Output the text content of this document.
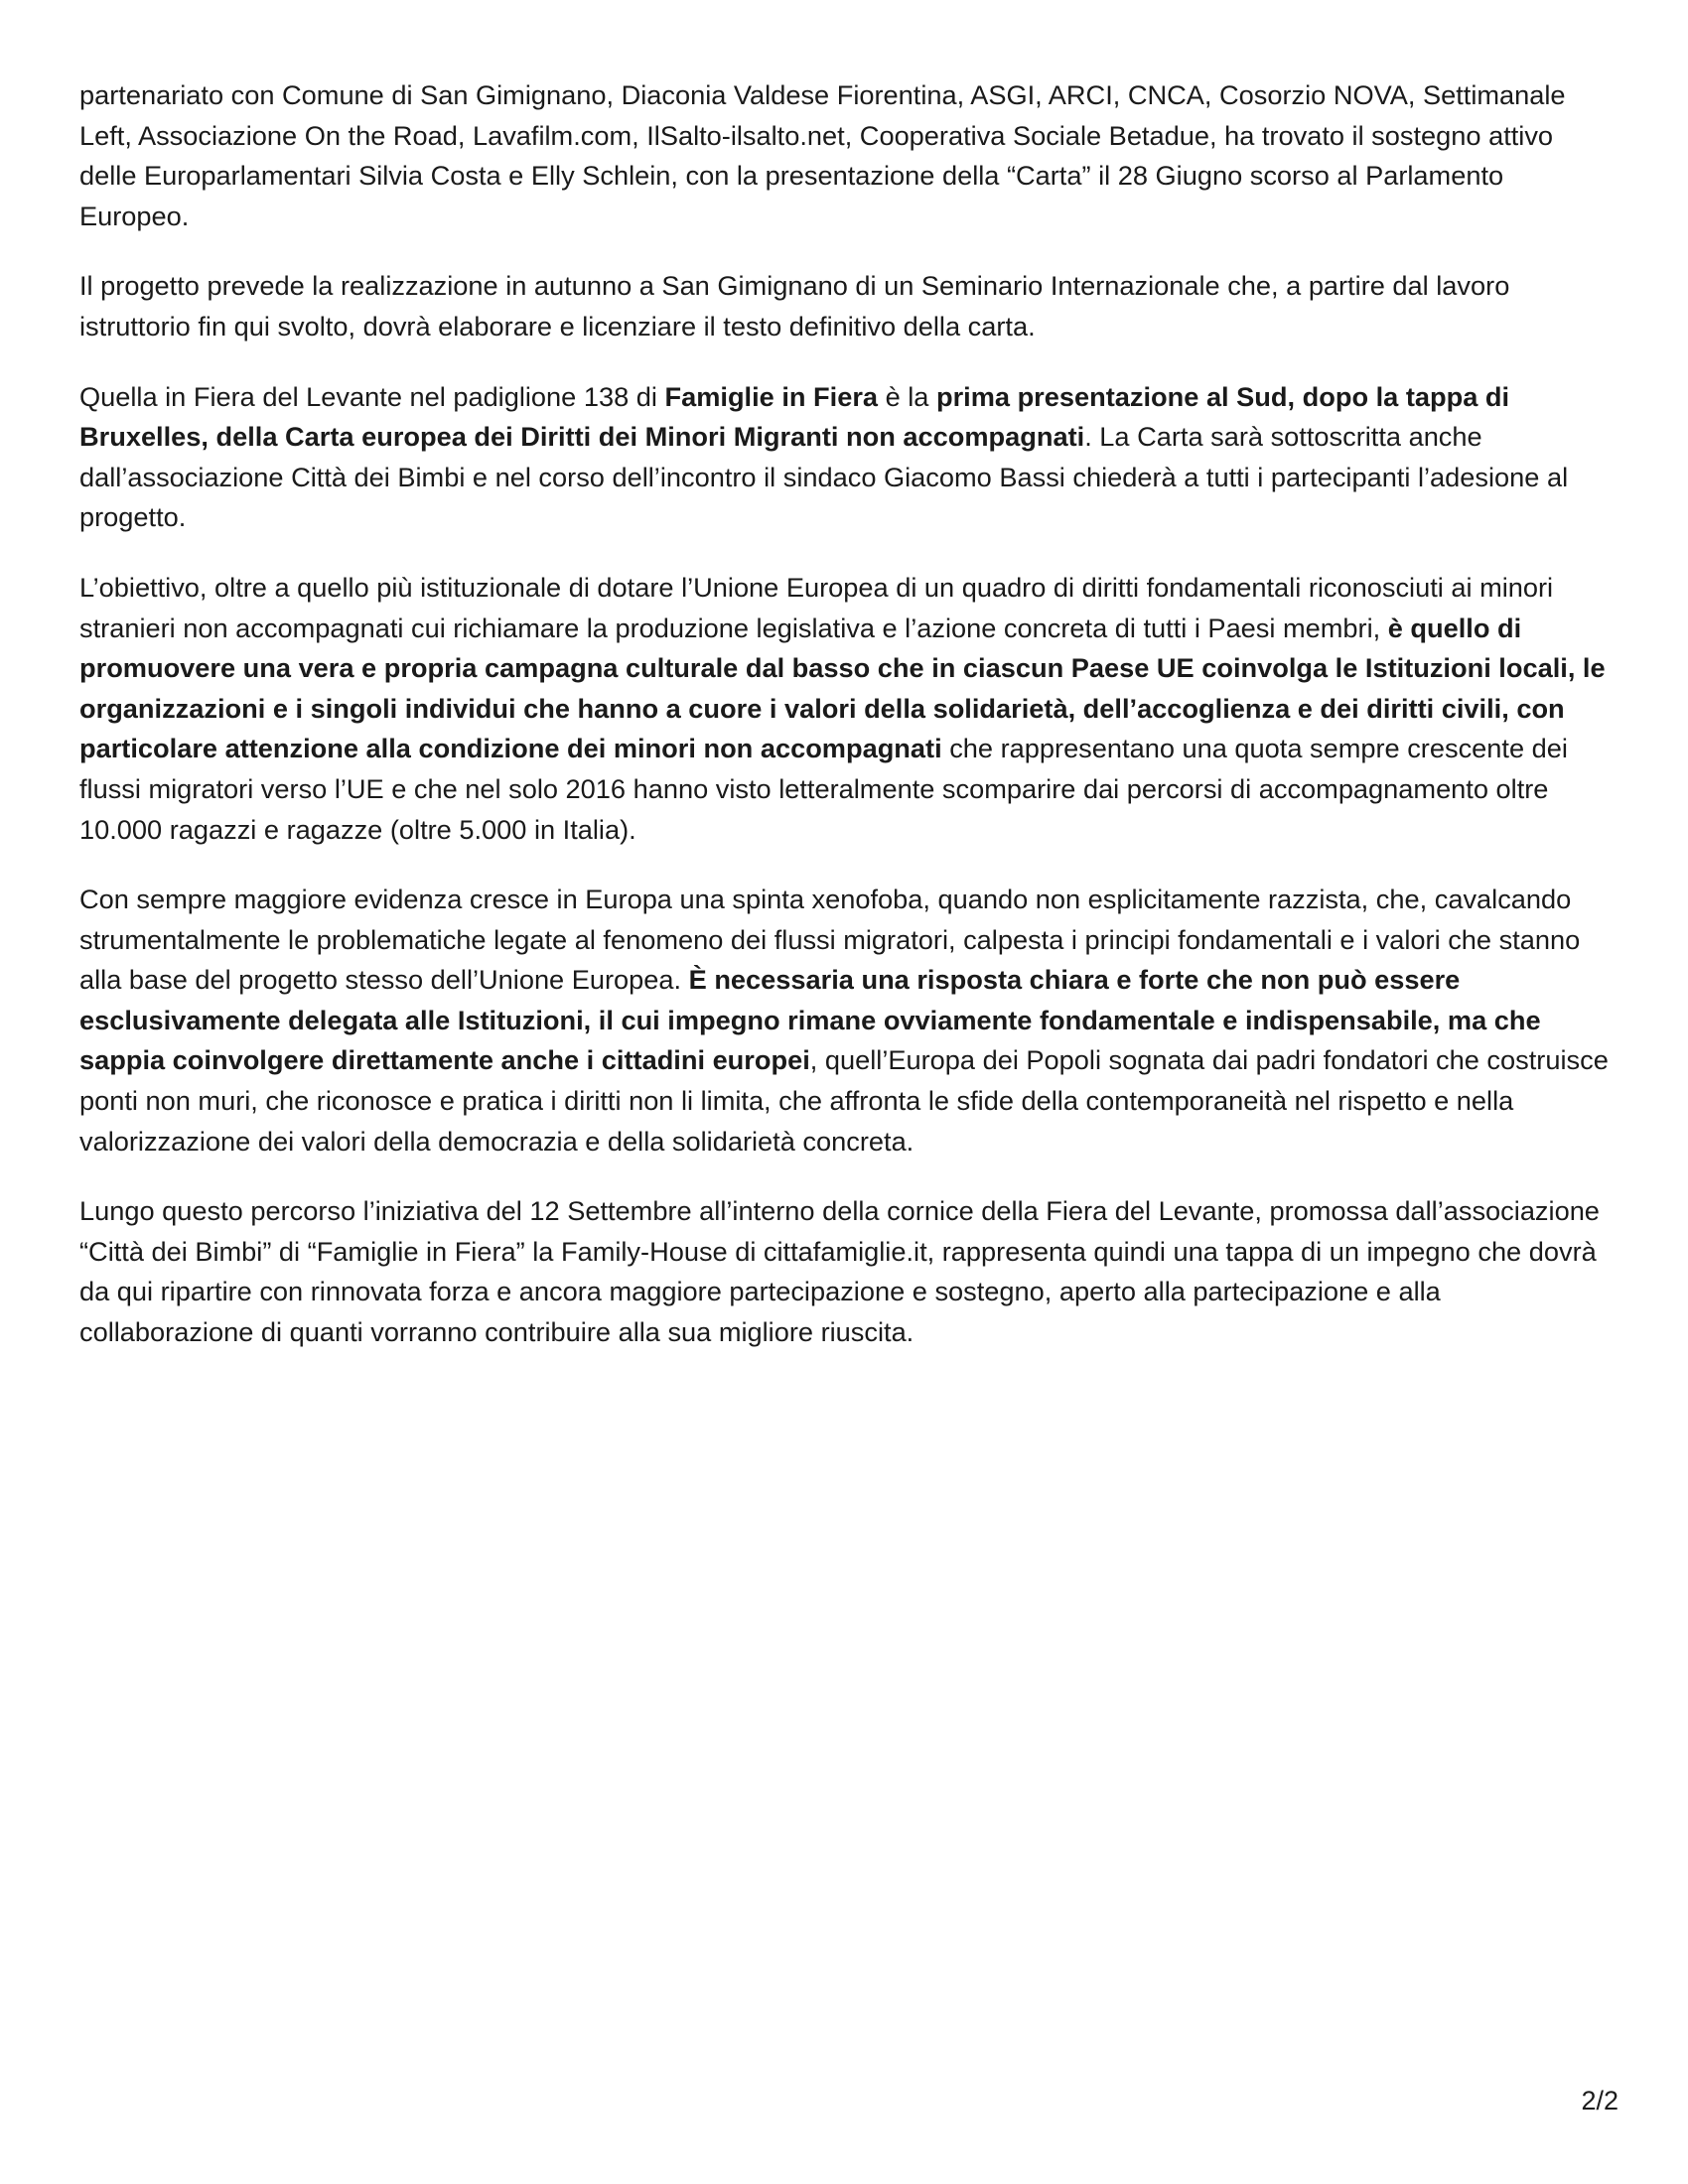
partenariato con Comune di San Gimignano, Diaconia Valdese Fiorentina, ASGI, ARCI, CNCA, Cosorzio NOVA, Settimanale Left, Associazione On the Road, Lavafilm.com, IlSalto-ilsalto.net, Cooperativa Sociale Betadue, ha trovato il sostegno attivo delle Europarlamentari Silvia Costa e Elly Schlein, con la presentazione della “Carta” il 28 Giugno scorso al Parlamento Europeo.

Il progetto prevede la realizzazione in autunno a San Gimignano di un Seminario Internazionale che, a partire dal lavoro istruttorio fin qui svolto, dovrà elaborare e licenziare il testo definitivo della carta.

Quella in Fiera del Levante nel padiglione 138 di Famiglie in Fiera è la prima presentazione al Sud, dopo la tappa di Bruxelles, della Carta europea dei Diritti dei Minori Migranti non accompagnati. La Carta sarà sottoscritta anche dall’associazione Città dei Bimbi e nel corso dell’incontro il sindaco Giacomo Bassi chiederà a tutti i partecipanti l’adesione al progetto.

L’obiettivo, oltre a quello più istituzionale di dotare l’Unione Europea di un quadro di diritti fondamentali riconosciuti ai minori stranieri non accompagnati cui richiamare la produzione legislativa e l’azione concreta di tutti i Paesi membri, è quello di promuovere una vera e propria campagna culturale dal basso che in ciascun Paese UE coinvolga le Istituzioni locali, le organizzazioni e i singoli individui che hanno a cuore i valori della solidarietà, dell’accoglienza e dei diritti civili, con particolare attenzione alla condizione dei minori non accompagnati che rappresentano una quota sempre crescente dei flussi migratori verso l’UE e che nel solo 2016 hanno visto letteralmente scomparire dai percorsi di accompagnamento oltre 10.000 ragazzi e ragazze (oltre 5.000 in Italia).

Con sempre maggiore evidenza cresce in Europa una spinta xenofoba, quando non esplicitamente razzista, che, cavalcando strumentalmente le problematiche legate al fenomeno dei flussi migratori, calpesta i principi fondamentali e i valori che stanno alla base del progetto stesso dell’Unione Europea. È necessaria una risposta chiara e forte che non può essere esclusivamente delegata alle Istituzioni, il cui impegno rimane ovviamente fondamentale e indispensabile, ma che sappia coinvolgere direttamente anche i cittadini europei, quell’Europa dei Popoli sognata dai padri fondatori che costruisce ponti non muri, che riconosce e pratica i diritti non li limita, che affronta le sfide della contemporaneità nel rispetto e nella valorizzazione dei valori della democrazia e della solidarietà concreta.

Lungo questo percorso l’iniziativa del 12 Settembre all’interno della cornice della Fiera del Levante, promossa dall’associazione “Città dei Bimbi” di “Famiglie in Fiera” la Family-House di cittafamiglie.it, rappresenta quindi una tappa di un impegno che dovrà da qui ripartire con rinnovata forza e ancora maggiore partecipazione e sostegno, aperto alla partecipazione e alla collaborazione di quanti vorranno contribuire alla sua migliore riuscita.

2/2
